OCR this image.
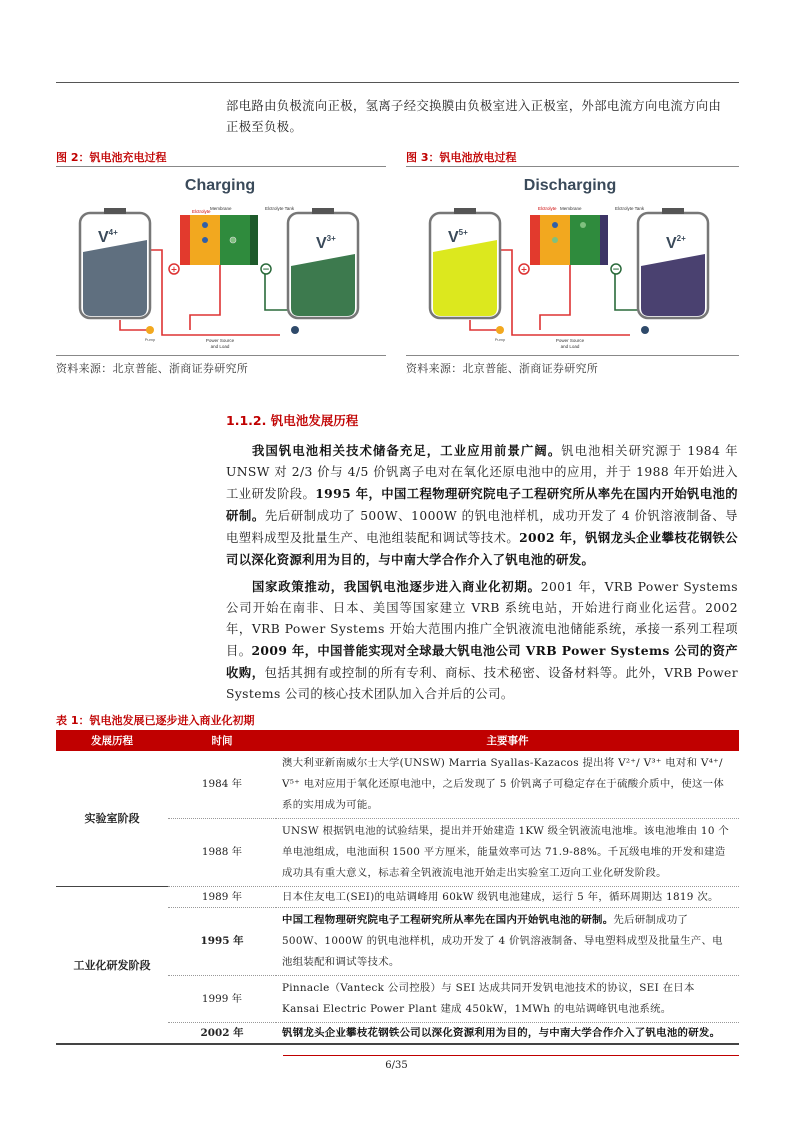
部电路由负极流向正极，氢离子经交换膜由负极室进入正极室，外部电流方向电流方向由
正极至负极。

图 2：钒电池充电过程
Charging
$V^{4+}$
Elctrolyte
Membrane	Elctrolyte Tank
$V^{3+}$
+	−
Pump	Power Source
and Load
资料来源：北京普能、浙商证券研究所
图 3：钒电池放电过程
Discharging
$V^{5+}$
Elctrolyte Membrane	Elctrolyte Tank
$V^{2+}$
+	−
Pump	Power Source
and Load
资料来源：北京普能、浙商证券研究所
1.1.2. 钒电池发展历程

我国钒电池相关技术储备充足，工业应用前景广阔。钒电池相关研究源于 1984 年 UNSW 对 2/3 价与 4/5 价钒离子电对在氧化还原电池中的应用，并于 1988 年开始进入工业研发阶段。1995 年，中国工程物理研究院电子工程研究所从率先在国内开始钒电池的研制。先后研制成功了 500W、1000W 的钒电池样机，成功开发了 4 价钒溶液制备、导电塑料成型及批量生产、电池组装配和调试等技术。2002 年，钒钢龙头企业攀枝花钢铁公司以深化资源利用为目的，与中南大学合作介入了钒电池的研发。

国家政策推动，我国钒电池逐步进入商业化初期。2001 年，VRB Power Systems 公司开始在南非、日本、美国等国家建立 VRB 系统电站，开始进行商业化运营。2002 年，VRB Power Systems 开始大范围内推广全钒液流电池储能系统，承接一系列工程项目。2009 年，中国普能实现对全球最大钒电池公司 VRB Power Systems 公司的资产收购，包括其拥有或控制的所有专利、商标、技术秘密、设备材料等。此外，VRB Power Systems 公司的核心技术团队加入合并后的公司。

表 1：钒电池发展已逐步进入商业化初期
发展历程	时间	主要事件
实验室阶段	1984 年	澳大利亚新南威尔士大学(UNSW) Marria Syallas-Kazacos 提出将 V²⁺/ V³⁺ 电对和 V⁴⁺/ V⁵⁺ 电对应用于氧化还原电池中，之后发现了 5 价钒离子可稳定存在于硫酸介质中，使这一体系的实用成为可能。
	1988 年	UNSW 根据钒电池的试验结果，提出并开始建造 1KW 级全钒液流电池堆。该电池堆由 10 个单电池组成，电池面积 1500 平方厘米，能量效率可达 71.9-88%。千瓦级电堆的开发和建造成功具有重大意义，标志着全钒液流电池开始走出实验室工迈向工业化研发阶段。
工业化研发阶段	1989 年	日本住友电工(SEI)的电站调峰用 60kW 级钒电池建成，运行 5 年，循环周期达 1819 次。
	1995 年	中国工程物理研究院电子工程研究所从率先在国内开始钒电池的研制。先后研制成功了 500W、1000W 的钒电池样机，成功开发了 4 价钒溶液制备、导电塑料成型及批量生产、电池组装配和调试等技术。
	1999 年	Pinnacle（Vanteck 公司控股）与 SEI 达成共同开发钒电池技术的协议，SEI 在日本 Kansai Electric Power Plant 建成 450kW，1MWh 的电站调峰钒电池系统。
	2002 年	钒钢龙头企业攀枝花钢铁公司以深化资源利用为目的，与中南大学合作介入了钒电池的研发。
6/35
